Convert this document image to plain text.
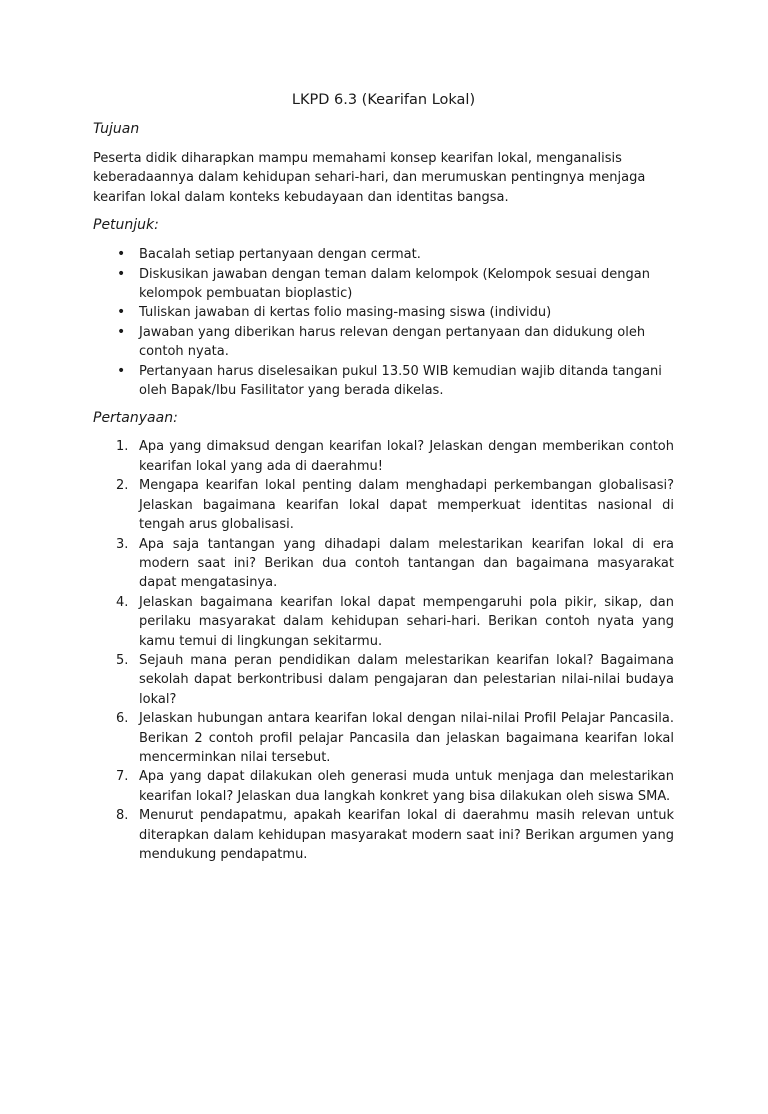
LKPD 6.3 (Kearifan Lokal)
Tujuan
Peserta didik diharapkan mampu memahami konsep kearifan lokal, menganalisis keberadaannya dalam kehidupan sehari-hari, dan merumuskan pentingnya menjaga kearifan lokal dalam konteks kebudayaan dan identitas bangsa.
Petunjuk:
• Bacalah setiap pertanyaan dengan cermat.
• Diskusikan jawaban dengan teman dalam kelompok (Kelompok sesuai dengan kelompok pembuatan bioplastic)
• Tuliskan jawaban di kertas folio masing-masing siswa (individu)
• Jawaban yang diberikan harus relevan dengan pertanyaan dan didukung oleh contoh nyata.
• Pertanyaan harus diselesaikan pukul 13.50 WIB kemudian wajib ditanda tangani oleh Bapak/Ibu Fasilitator yang berada dikelas.
Pertanyaan:
1. Apa yang dimaksud dengan kearifan lokal? Jelaskan dengan memberikan contoh kearifan lokal yang ada di daerahmu!
2. Mengapa kearifan lokal penting dalam menghadapi perkembangan globalisasi? Jelaskan bagaimana kearifan lokal dapat memperkuat identitas nasional di tengah arus globalisasi.
3. Apa saja tantangan yang dihadapi dalam melestarikan kearifan lokal di era modern saat ini? Berikan dua contoh tantangan dan bagaimana masyarakat dapat mengatasinya.
4. Jelaskan bagaimana kearifan lokal dapat mempengaruhi pola pikir, sikap, dan perilaku masyarakat dalam kehidupan sehari-hari. Berikan contoh nyata yang kamu temui di lingkungan sekitarmu.
5. Sejauh mana peran pendidikan dalam melestarikan kearifan lokal? Bagaimana sekolah dapat berkontribusi dalam pengajaran dan pelestarian nilai-nilai budaya lokal?
6. Jelaskan hubungan antara kearifan lokal dengan nilai-nilai Profil Pelajar Pancasila. Berikan 2 contoh profil pelajar Pancasila dan jelaskan bagaimana kearifan lokal mencerminkan nilai tersebut.
7. Apa yang dapat dilakukan oleh generasi muda untuk menjaga dan melestarikan kearifan lokal? Jelaskan dua langkah konkret yang bisa dilakukan oleh siswa SMA.
8. Menurut pendapatmu, apakah kearifan lokal di daerahmu masih relevan untuk diterapkan dalam kehidupan masyarakat modern saat ini? Berikan argumen yang mendukung pendapatmu.
